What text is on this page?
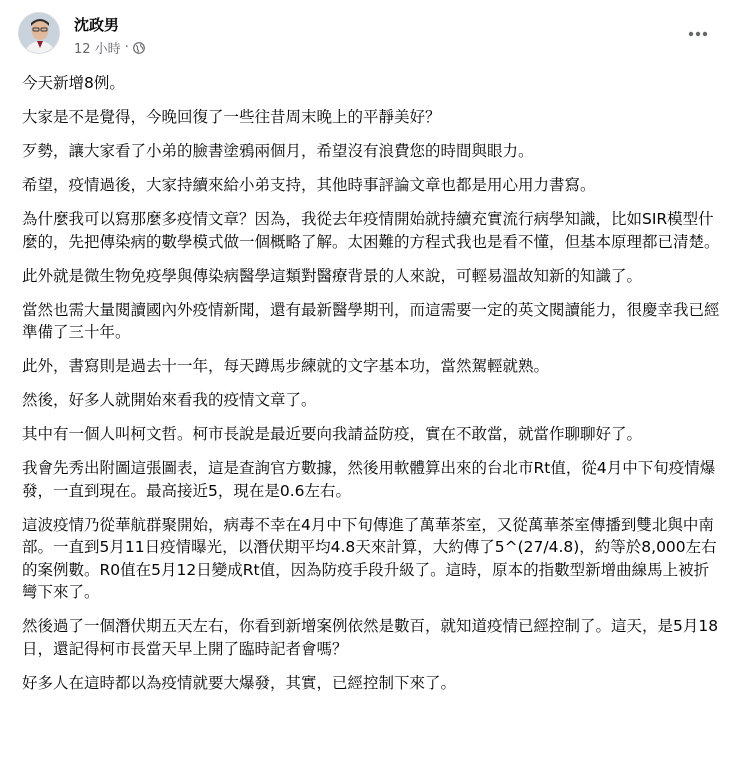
沈政男
12 小時 ·

今天新增8例。

大家是不是覺得，今晚回復了一些往昔周末晚上的平靜美好？

歹勢，讓大家看了小弟的臉書塗鴉兩個月，希望沒有浪費您的時間與眼力。

希望，疫情過後，大家持續來給小弟支持，其他時事評論文章也都是用心用力書寫。

為什麼我可以寫那麼多疫情文章？因為，我從去年疫情開始就持續充實流行病學知識，比如SIR模型什麼的，先把傳染病的數學模式做一個概略了解。太困難的方程式我也是看不懂，但基本原理都已清楚。

此外就是微生物免疫學與傳染病醫學這類對醫療背景的人來說，可輕易溫故知新的知識了。

當然也需大量閱讀國內外疫情新聞，還有最新醫學期刊，而這需要一定的英文閱讀能力，很慶幸我已經準備了三十年。

此外，書寫則是過去十一年，每天蹲馬步練就的文字基本功，當然駕輕就熟。

然後，好多人就開始來看我的疫情文章了。

其中有一個人叫柯文哲。柯市長說是最近要向我請益防疫，實在不敢當，就當作聊聊好了。

我會先秀出附圖這張圖表，這是查詢官方數據，然後用軟體算出來的台北市Rt值，從4月中下旬疫情爆發，一直到現在。最高接近5，現在是0.6左右。

這波疫情乃從華航群聚開始，病毒不幸在4月中下旬傳進了萬華茶室，又從萬華茶室傳播到雙北與中南部。一直到5月11日疫情曝光，以潛伏期平均4.8天來計算，大約傳了5^(27/4.8)，約等於8,000左右的案例數。R0值在5月12日變成Rt值，因為防疫手段升級了。這時，原本的指數型新增曲線馬上被折彎下來了。

然後過了一個潛伏期五天左右，你看到新增案例依然是數百，就知道疫情已經控制了。這天，是5月18日，還記得柯市長當天早上開了臨時記者會嗎？

好多人在這時都以為疫情就要大爆發，其實，已經控制下來了。
